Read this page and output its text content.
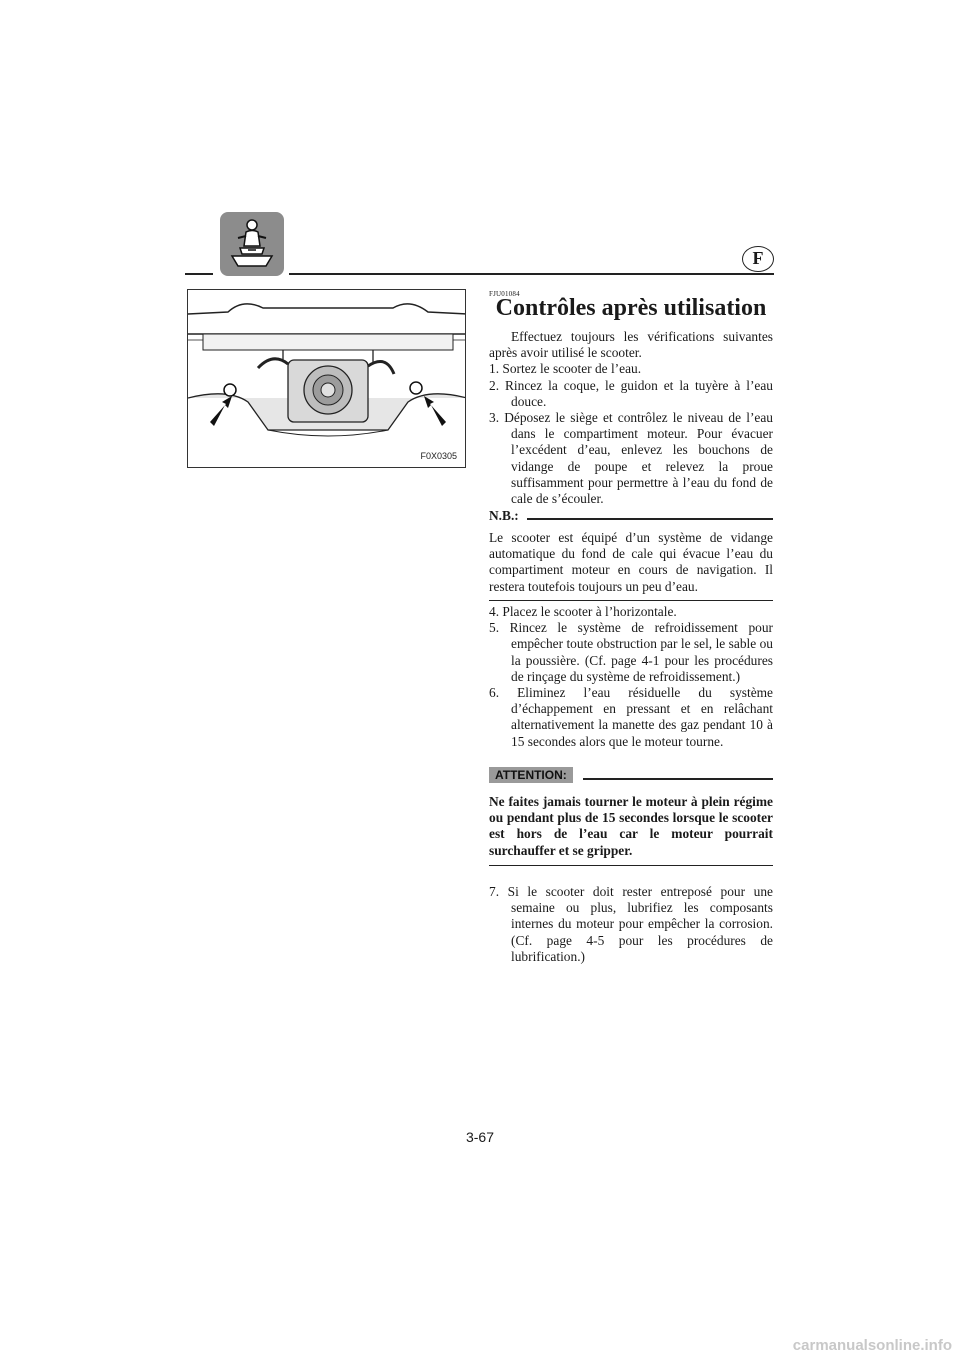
F
F0X0305
FJU01084
Contrôles après utilisation
Effectuez toujours les vérifications suivantes après avoir utilisé le scooter.
1. Sortez le scooter de l’eau.
2. Rincez la coque, le guidon et la tuyère à l’eau douce.
3. Déposez le siège et contrôlez le niveau de l’eau dans le compartiment moteur. Pour évacuer l’excédent d’eau, enlevez les bouchons de vidange de poupe et relevez la proue suffisamment pour permettre à l’eau du fond de cale de s’écouler.
N.B.:
Le scooter est équipé d’un système de vidange automatique du fond de cale qui évacue l’eau du compartiment moteur en cours de navigation. Il restera toutefois toujours un peu d’eau.
4. Placez le scooter à l’horizontale.
5. Rincez le système de refroidissement pour empêcher toute obstruction par le sel, le sable ou la poussière. (Cf. page 4-1 pour les procédures de rinçage du système de refroidissement.)
6. Eliminez l’eau résiduelle du système d’échappement en pressant et en relâchant alternativement la manette des gaz pendant 10 à 15 secondes alors que le moteur tourne.
ATTENTION:
Ne faites jamais tourner le moteur à plein régime ou pendant plus de 15 secondes lorsque le scooter est hors de l’eau car le moteur pourrait surchauffer et se gripper.
7. Si le scooter doit rester entreposé pour une semaine ou plus, lubrifiez les composants internes du moteur pour empêcher la corrosion. (Cf. page 4-5 pour les procédures de lubrification.)
3-67
carmanualsonline.info
